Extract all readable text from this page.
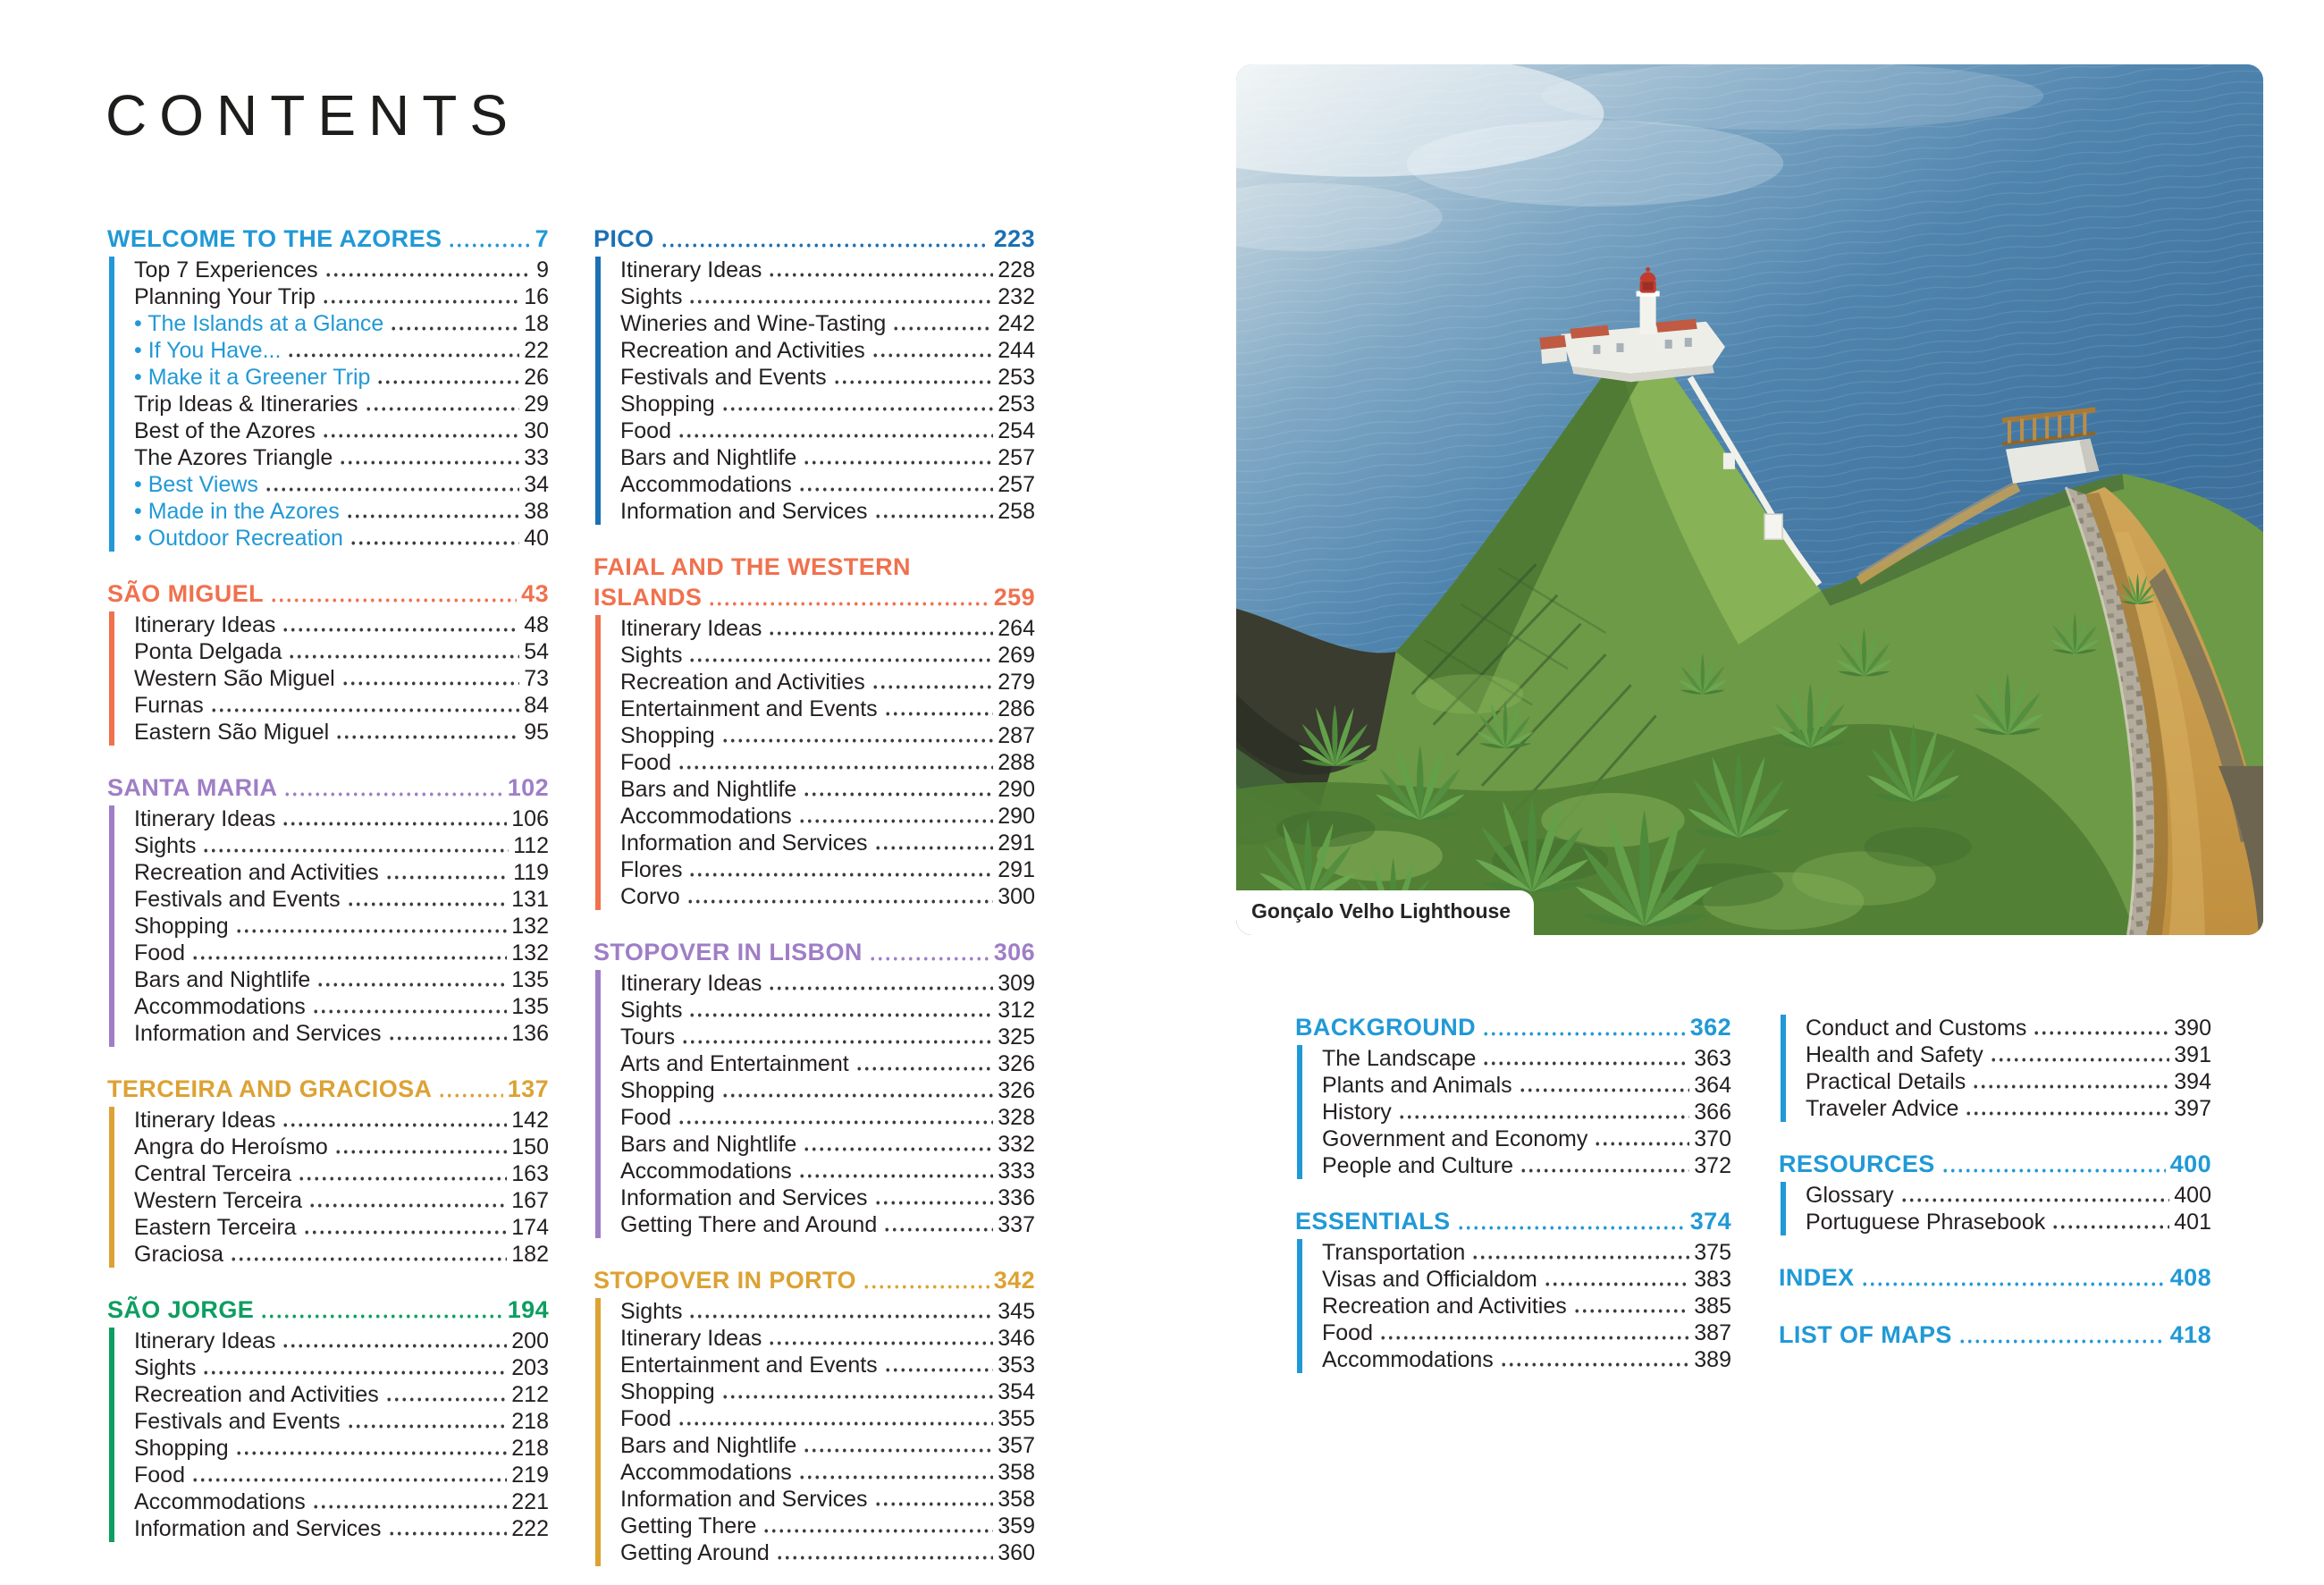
CONTENTS
WELCOME TO THE AZORES	7
Top 7 Experiences	9
Planning Your Trip	16
• The Islands at a Glance	18
• If You Have...	22
• Make it a Greener Trip	26
Trip Ideas & Itineraries	29
Best of the Azores	30
The Azores Triangle	33
• Best Views	34
• Made in the Azores	38
• Outdoor Recreation	40
SÃO MIGUEL	43
Itinerary Ideas	48
Ponta Delgada	54
Western São Miguel	73
Furnas	84
Eastern São Miguel	95
SANTA MARIA	102
Itinerary Ideas	106
Sights	112
Recreation and Activities	119
Festivals and Events	131
Shopping	132
Food	132
Bars and Nightlife	135
Accommodations	135
Information and Services	136
TERCEIRA AND GRACIOSA	137
Itinerary Ideas	142
Angra do Heroísmo	150
Central Terceira	163
Western Terceira	167
Eastern Terceira	174
Graciosa	182
SÃO JORGE	194
Itinerary Ideas	200
Sights	203
Recreation and Activities	212
Festivals and Events	218
Shopping	218
Food	219
Accommodations	221
Information and Services	222
PICO	223
Itinerary Ideas	228
Sights	232
Wineries and Wine-Tasting	242
Recreation and Activities	244
Festivals and Events	253
Shopping	253
Food	254
Bars and Nightlife	257
Accommodations	257
Information and Services	258
FAIAL AND THE WESTERN
ISLANDS	259
Itinerary Ideas	264
Sights	269
Recreation and Activities	279
Entertainment and Events	286
Shopping	287
Food	288
Bars and Nightlife	290
Accommodations	290
Information and Services	291
Flores	291
Corvo	300
STOPOVER IN LISBON	306
Itinerary Ideas	309
Sights	312
Tours	325
Arts and Entertainment	326
Shopping	326
Food	328
Bars and Nightlife	332
Accommodations	333
Information and Services	336
Getting There and Around	337
STOPOVER IN PORTO	342
Sights	345
Itinerary Ideas	346
Entertainment and Events	353
Shopping	354
Food	355
Bars and Nightlife	357
Accommodations	358
Information and Services	358
Getting There	359
Getting Around	360
BACKGROUND	362
The Landscape	363
Plants and Animals	364
History	366
Government and Economy	370
People and Culture	372
ESSENTIALS	374
Transportation	375
Visas and Officialdom	383
Recreation and Activities	385
Food	387
Accommodations	389
Conduct and Customs	390
Health and Safety	391
Practical Details	394
Traveler Advice	397
RESOURCES	400
Glossary	400
Portuguese Phrasebook	401
INDEX	408
LIST OF MAPS	418
Gonçalo Velho Lighthouse
